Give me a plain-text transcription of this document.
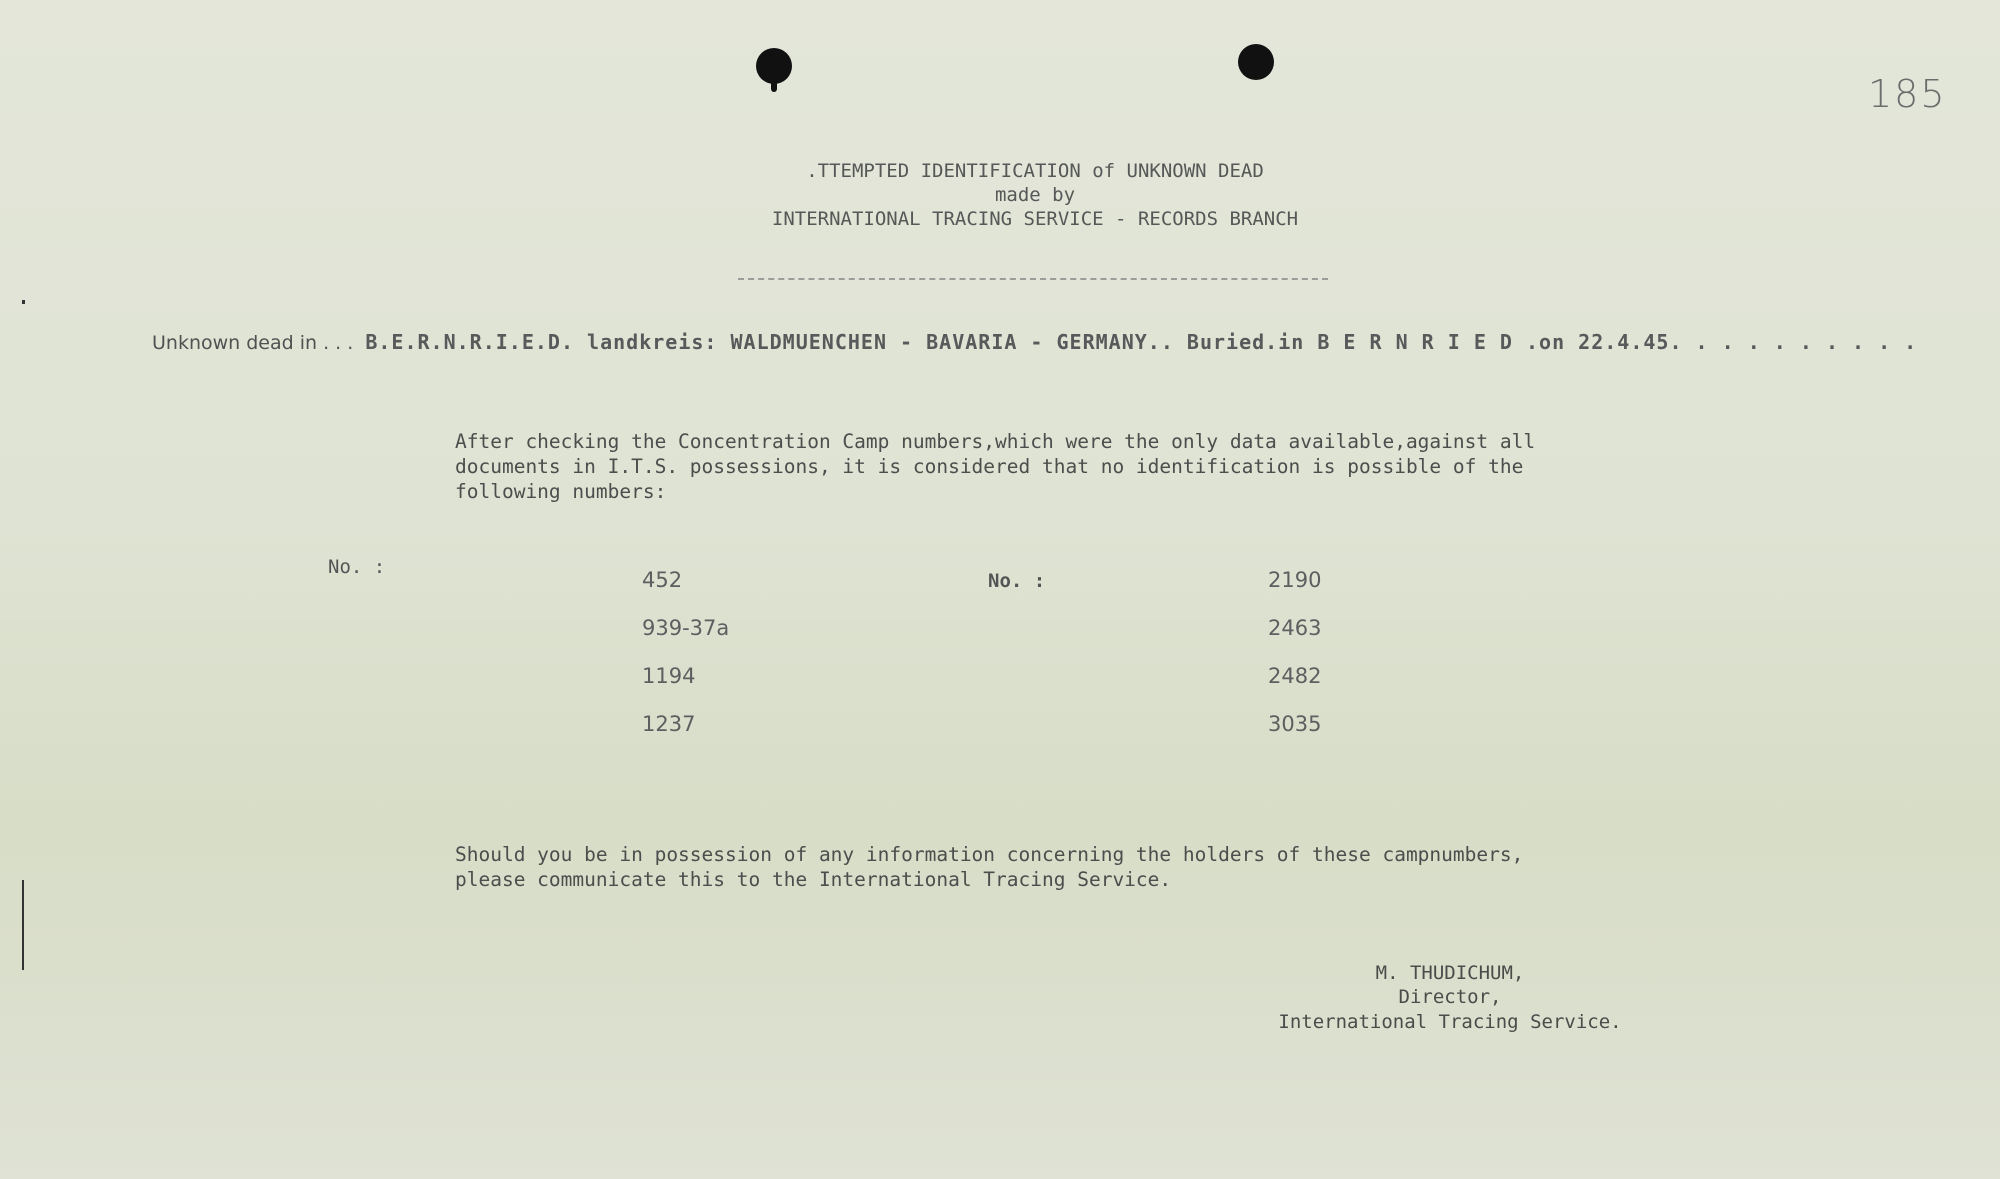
185
.TTEMPTED IDENTIFICATION of UNKNOWN DEAD
made by
INTERNATIONAL TRACING SERVICE - RECORDS BRANCH
Unknown dead in . . . B.E.R.N.R.I.E.D. landkreis: WALDMUENCHEN - BAVARIA - GERMANY.. Buried.in B E R N R I E D .on 22.4.45. . . . . . . . . .
After checking the Concentration Camp numbers,which were the only data available,against all
documents in I.T.S. possessions, it is considered that no identification is possible of the
following numbers:
No. :
No. :
452
939-37a
1194
1237
2190
2463
2482
3035
Should you be in possession of any information concerning the holders of these campnumbers,
please communicate this to the International Tracing Service.
M. THUDICHUM,
Director,
International Tracing Service.
